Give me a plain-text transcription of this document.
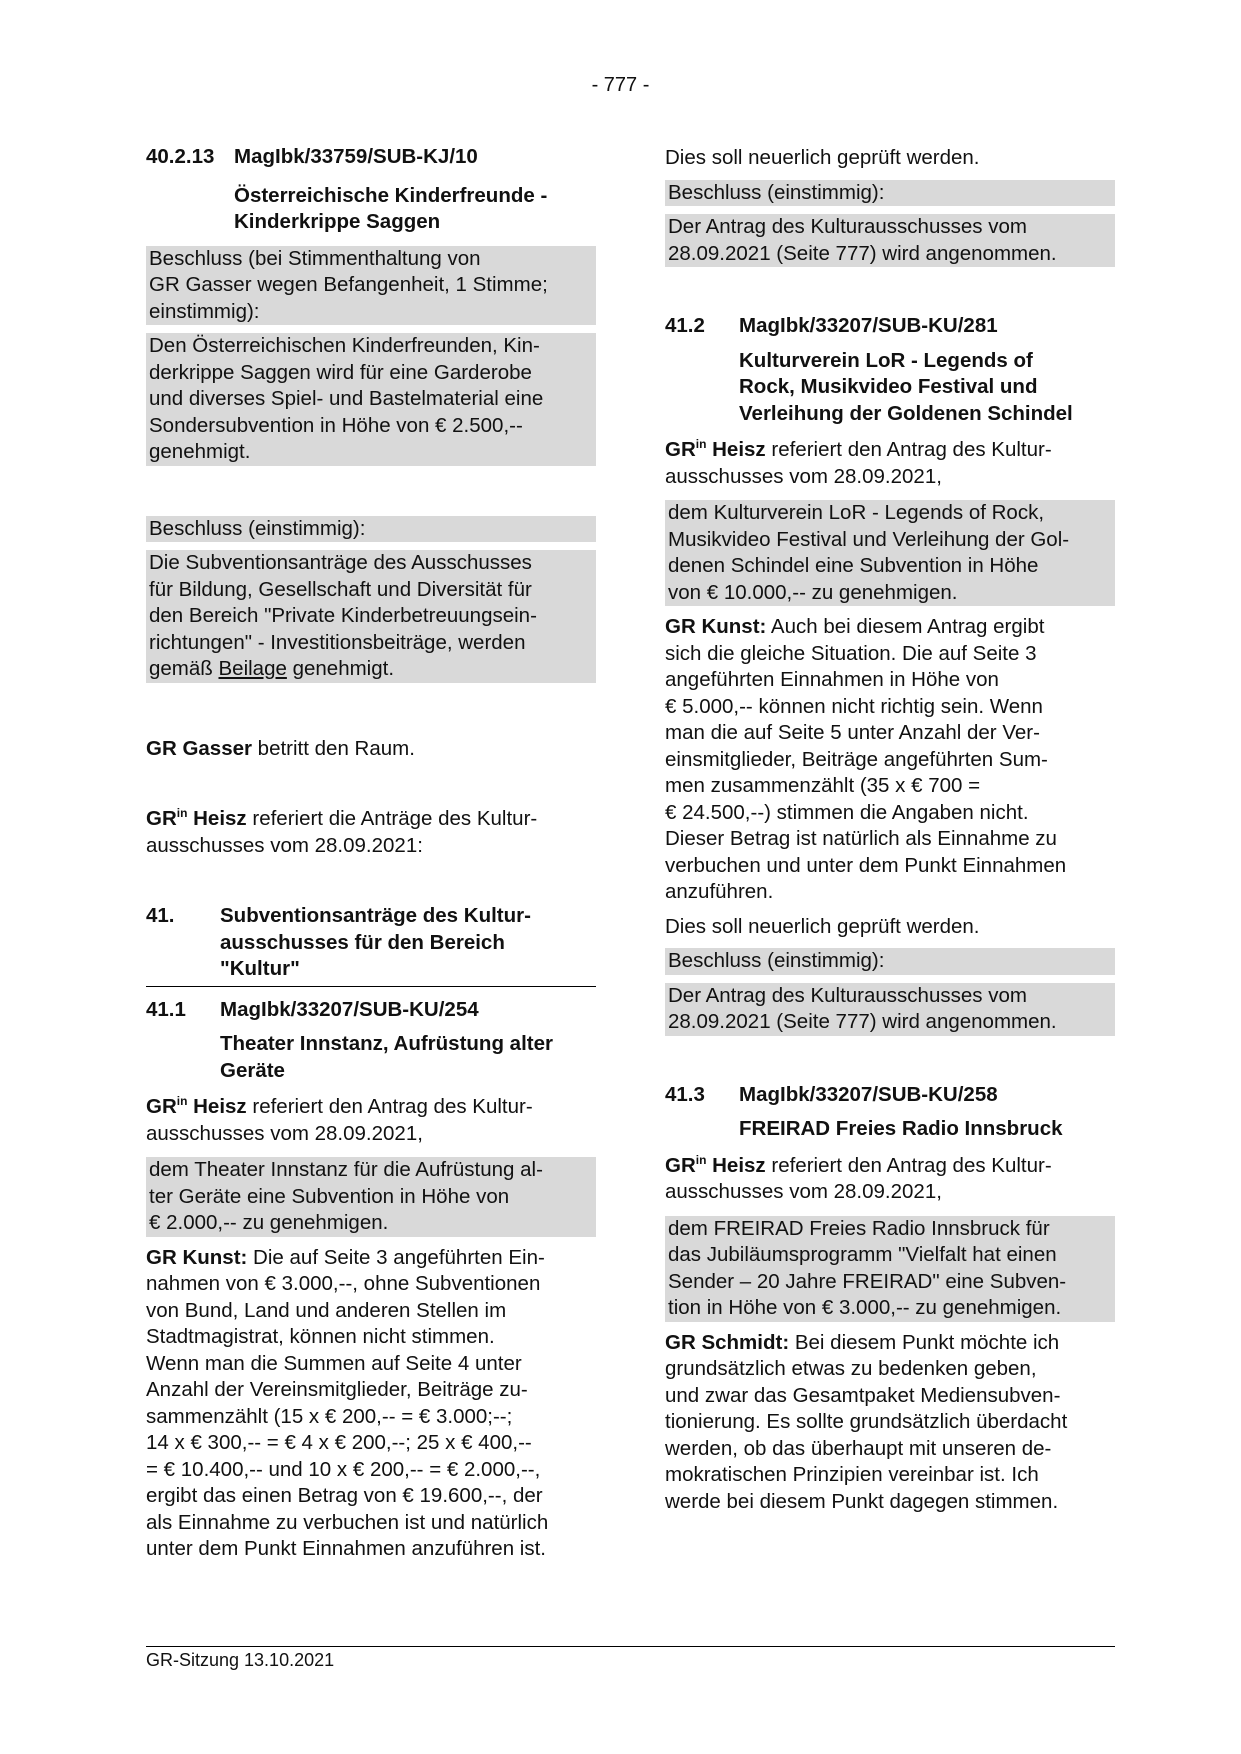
- 777 -
40.2.13 MagIbk/33759/SUB-KJ/10
Österreichische Kinderfreunde - Kinderkrippe Saggen
Beschluss (bei Stimmenthaltung von
GR Gasser wegen Befangenheit, 1 Stimme;
einstimmig):
Den Österreichischen Kinderfreunden, Kin-
derkrippe Saggen wird für eine Garderobe
und diverses Spiel- und Bastelmaterial eine
Sondersubvention in Höhe von € 2.500,--
genehmigt.
Beschluss (einstimmig):
Die Subventionsanträge des Ausschusses
für Bildung, Gesellschaft und Diversität für
den Bereich "Private Kinderbetreuungsein-
richtungen" - Investitionsbeiträge, werden
gemäß Beilage genehmigt.
GR Gasser betritt den Raum.
$GR^{in}$ Heisz referiert die Anträge des Kultur-
ausschusses vom 28.09.2021:
41.	Subventionsanträge des Kultur-
ausschusses für den Bereich
"Kultur"
41.1	MagIbk/33207/SUB-KU/254
Theater Innstanz, Aufrüstung alter
Geräte
$GR^{in}$ Heisz referiert den Antrag des Kultur-
ausschusses vom 28.09.2021,
dem Theater Innstanz für die Aufrüstung al-
ter Geräte eine Subvention in Höhe von
€ 2.000,-- zu genehmigen.
GR Kunst: Die auf Seite 3 angeführten Ein-
nahmen von € 3.000,--, ohne Subventionen
von Bund, Land und anderen Stellen im
Stadtmagistrat, können nicht stimmen.
Wenn man die Summen auf Seite 4 unter
Anzahl der Vereinsmitglieder, Beiträge zu-
sammenzählt (15 x € 200,-- = € 3.000;--;
14 x € 300,-- = € 4 x € 200,--; 25 x € 400,--
= € 10.400,-- und 10 x € 200,-- = € 2.000,--,
ergibt das einen Betrag von € 19.600,--, der
als Einnahme zu verbuchen ist und natürlich
unter dem Punkt Einnahmen anzuführen ist.
Dies soll neuerlich geprüft werden.
Beschluss (einstimmig):
Der Antrag des Kulturausschusses vom
28.09.2021 (Seite 777) wird angenommen.
41.2	MagIbk/33207/SUB-KU/281
Kulturverein LoR - Legends of
Rock, Musikvideo Festival und
Verleihung der Goldenen Schindel
$GR^{in}$ Heisz referiert den Antrag des Kultur-
ausschusses vom 28.09.2021,
dem Kulturverein LoR - Legends of Rock,
Musikvideo Festival und Verleihung der Gol-
denen Schindel eine Subvention in Höhe
von € 10.000,-- zu genehmigen.
GR Kunst: Auch bei diesem Antrag ergibt
sich die gleiche Situation. Die auf Seite 3
angeführten Einnahmen in Höhe von
€ 5.000,-- können nicht richtig sein. Wenn
man die auf Seite 5 unter Anzahl der Ver-
einsmitglieder, Beiträge angeführten Sum-
men zusammenzählt (35 x € 700 =
€ 24.500,--) stimmen die Angaben nicht.
Dieser Betrag ist natürlich als Einnahme zu
verbuchen und unter dem Punkt Einnahmen
anzuführen.
Dies soll neuerlich geprüft werden.
Beschluss (einstimmig):
Der Antrag des Kulturausschusses vom
28.09.2021 (Seite 777) wird angenommen.
41.3	MagIbk/33207/SUB-KU/258
FREIRAD Freies Radio Innsbruck
$GR^{in}$ Heisz referiert den Antrag des Kultur-
ausschusses vom 28.09.2021,
dem FREIRAD Freies Radio Innsbruck für
das Jubiläumsprogramm "Vielfalt hat einen
Sender – 20 Jahre FREIRAD" eine Subven-
tion in Höhe von € 3.000,-- zu genehmigen.
GR Schmidt: Bei diesem Punkt möchte ich
grundsätzlich etwas zu bedenken geben,
und zwar das Gesamtpaket Mediensubven-
tionierung. Es sollte grundsätzlich überdacht
werden, ob das überhaupt mit unseren de-
mokratischen Prinzipien vereinbar ist. Ich
werde bei diesem Punkt dagegen stimmen.
GR-Sitzung 13.10.2021
